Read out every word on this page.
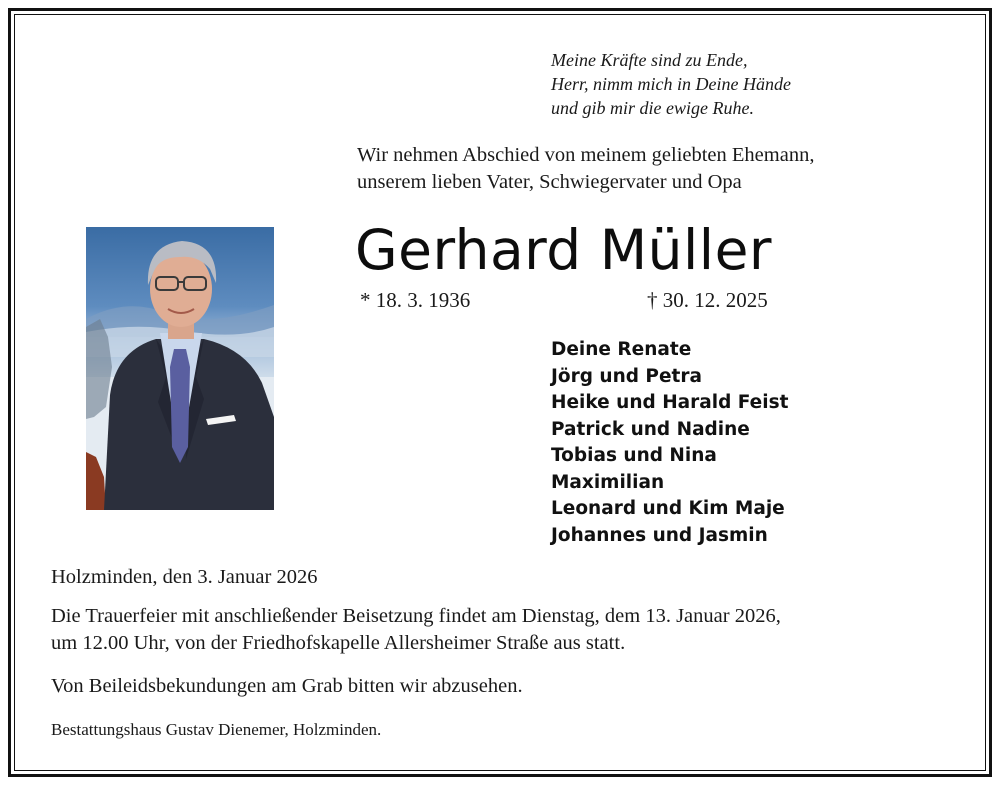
Meine Kräfte sind zu Ende,
Herr, nimm mich in Deine Hände
und gib mir die ewige Ruhe.
Wir nehmen Abschied von meinem geliebten Ehemann,
unserem lieben Vater, Schwiegervater und Opa
Gerhard Müller
* 18. 3. 1936	† 30. 12. 2025
Deine Renate
Jörg und Petra
Heike und Harald Feist
Patrick und Nadine
Tobias und Nina
Maximilian
Leonard und Kim Maje
Johannes und Jasmin
Holzminden, den 3. Januar 2026
Die Trauerfeier mit anschließender Beisetzung findet am Dienstag, dem 13. Januar 2026,
um 12.00 Uhr, von der Friedhofskapelle Allersheimer Straße aus statt.
Von Beileidsbekundungen am Grab bitten wir abzusehen.
Bestattungshaus Gustav Dienemer, Holzminden.
